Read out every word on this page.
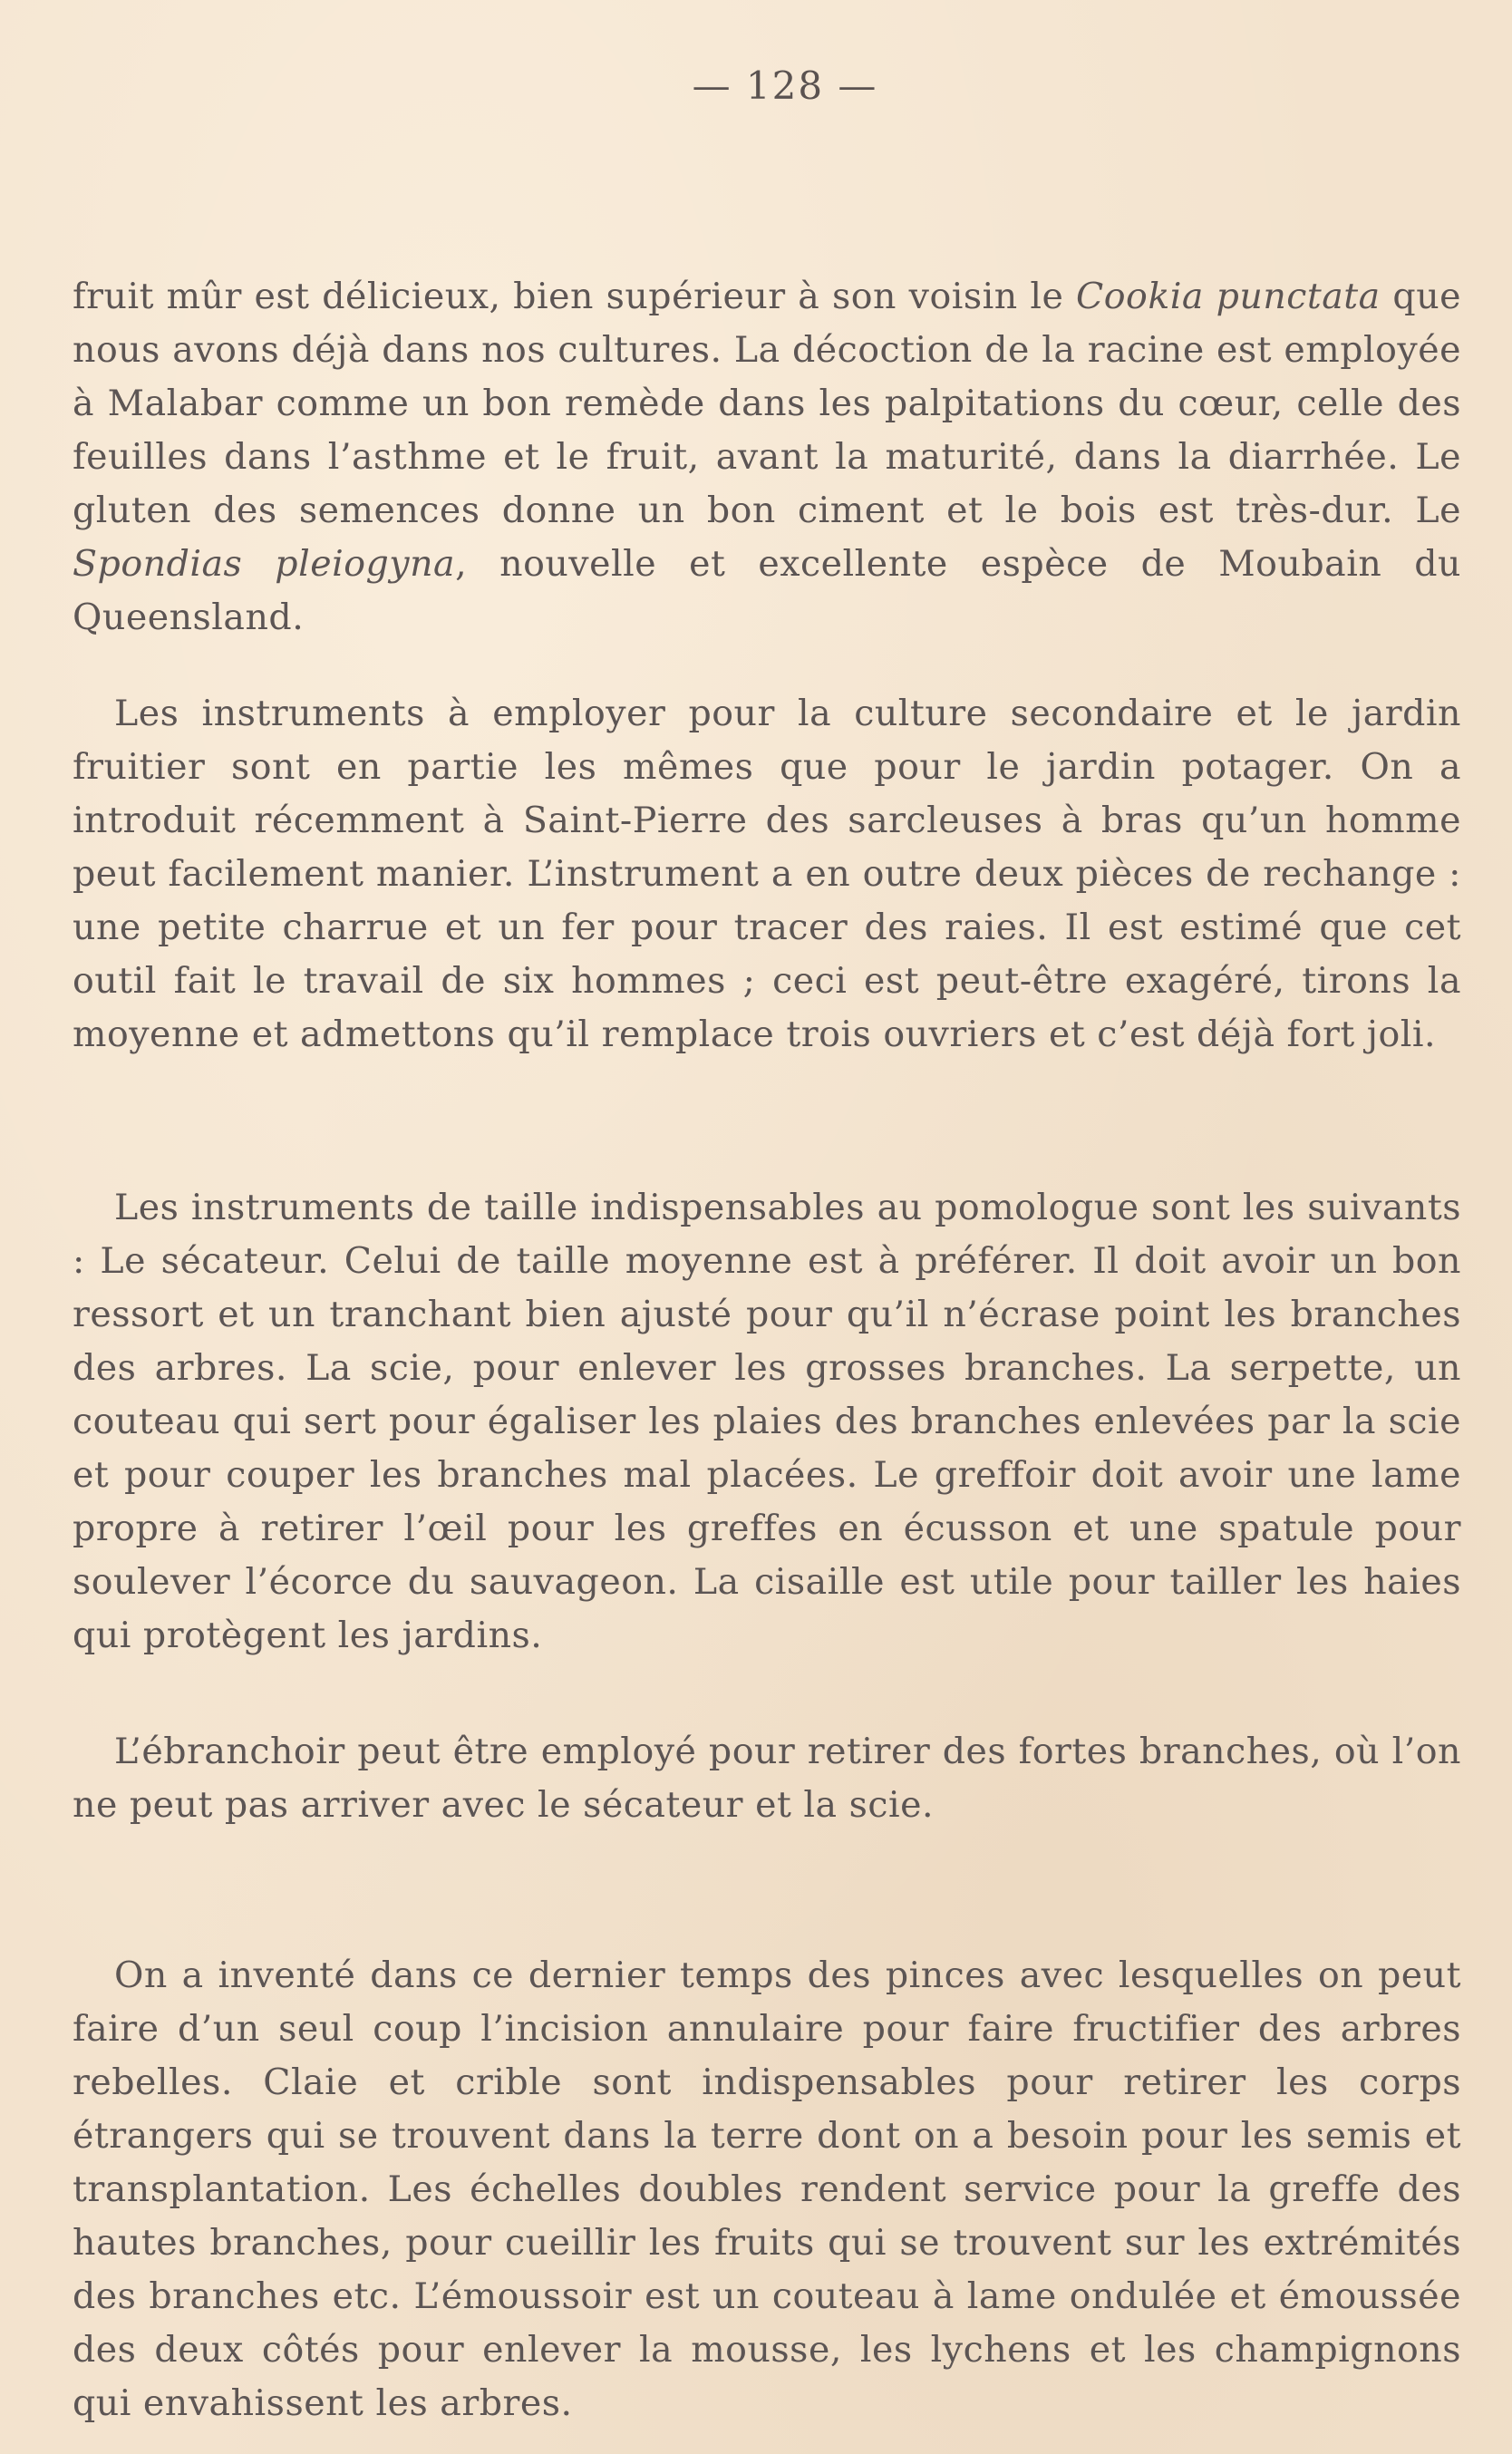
— 128 —

fruit mûr est délicieux, bien supérieur à son voisin le Cookia punctata que nous avons déjà dans nos cultures. La décoction de la racine est employée à Malabar comme un bon remède dans les palpitations du cœur, celle des feuilles dans l’asthme et le fruit, avant la maturité, dans la diarrhée. Le gluten des semences donne un bon ciment et le bois est très-dur. Le Spondias pleiogyna, nouvelle et excellente espèce de Moubain du Queensland.

Les instruments à employer pour la culture secondaire et le jardin fruitier sont en partie les mêmes que pour le jardin potager. On a introduit récemment à Saint-Pierre des sarcleuses à bras qu’un homme peut facilement manier. L’instrument a en outre deux pièces de rechange : une petite charrue et un fer pour tracer des raies. Il est estimé que cet outil fait le travail de six hommes ; ceci est peut-être exagéré, tirons la moyenne et admettons qu’il remplace trois ouvriers et c’est déjà fort joli.

Les instruments de taille indispensables au pomologue sont les suivants : Le sécateur. Celui de taille moyenne est à préférer. Il doit avoir un bon ressort et un tranchant bien ajusté pour qu’il n’écrase point les branches des arbres. La scie, pour enlever les grosses branches. La serpette, un couteau qui sert pour égaliser les plaies des branches enlevées par la scie et pour couper les branches mal placées. Le greffoir doit avoir une lame propre à retirer l’œil pour les greffes en écusson et une spatule pour soulever l’écorce du sauvageon. La cisaille est utile pour tailler les haies qui protègent les jardins.

L’ébranchoir peut être employé pour retirer des fortes branches, où l’on ne peut pas arriver avec le sécateur et la scie.

On a inventé dans ce dernier temps des pinces avec lesquelles on peut faire d’un seul coup l’incision annulaire pour faire fructifier des arbres rebelles. Claie et crible sont indispensables pour retirer les corps étrangers qui se trouvent dans la terre dont on a besoin pour les semis et transplantation. Les échelles doubles rendent service pour la greffe des hautes branches, pour cueillir les fruits qui se trouvent sur les extrémités des branches etc. L’émoussoir est un couteau à lame ondulée et émoussée des deux côtés pour enlever la mousse, les lychens et les champignons qui envahissent les arbres.
